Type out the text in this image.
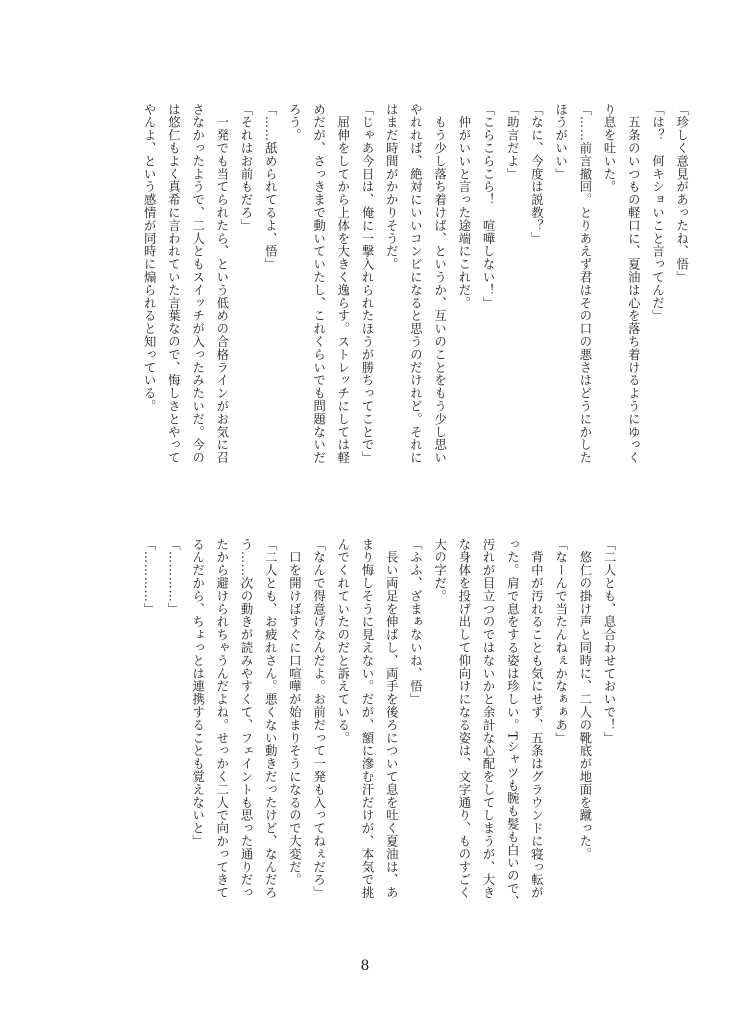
「珍しく意見があったね、悟」

「は？　何キショいこと言ってんだ」

　五条のいつもの軽口に、夏油は心を落ち着けるようにゆっく

り息を吐いた。

「……前言撤回。とりあえず君はその口の悪さはどうにかした

ほうがいい」

「なに、今度は説教？」

「助言だよ」

「こらこらこら！　喧嘩しない！」

　仲がいいと言った途端にこれだ。

　もう少し落ち着けば、というか、互いのことをもう少し思い

やれれば、絶対にいいコンビになると思うのだけれど。それに

はまだ時間がかかりそうだ。

「じゃあ今日は、俺に一撃入れられたほうが勝ちってことで」

　屈伸をしてから上体を大きく逸らす。ストレッチにしては軽

めだが、さっきまで動いていたし、これくらいでも問題ないだ

ろう。

「……舐められてるよ、悟」

「それはお前もだろ」

　一発でも当てられたら、という低めの合格ラインがお気に召

さなかったようで、二人ともスイッチが入ったみたいだ。今の

は悠仁もよく真希に言われていた言葉なので、悔しさとやって

やんよ、という感情が同時に煽られると知っている。

「二人とも、息合わせておいで！」

　悠仁の掛け声と同時に、二人の靴底が地面を蹴った。

「なーんで当たんねぇかなぁぁあ」

　背中が汚れることも気にせず、五条はグラウンドに寝っ転が

った。肩で息をする姿は珍しい。Tシャツも腕も髪も白いので、

汚れが目立つのではないかと余計な心配をしてしまうが、大き

な身体を投げ出して仰向けになる姿は、文字通り、ものすごく

大の字だ。

「ふふ、ざまぁないね、悟」

　長い両足を伸ばし、両手を後ろについて息を吐く夏油は、あ

まり悔しそうに見えない。だが、額に滲む汗だけが、本気で挑

んでくれていたのだと訴えている。

「なんで得意げなんだよ。お前だって一発も入ってねぇだろ」

　口を開けばすぐに口喧嘩が始まりそうになるので大変だ。

「二人とも、お疲れさん。悪くない動きだったけど、なんだろ

う……次の動きが読みやすくて、フェイントも思った通りだっ

たから避けられちゃうんだよね。せっかく二人で向かってきて

るんだから、ちょっとは連携することも覚えないと」

「…………」

「…………」

8
